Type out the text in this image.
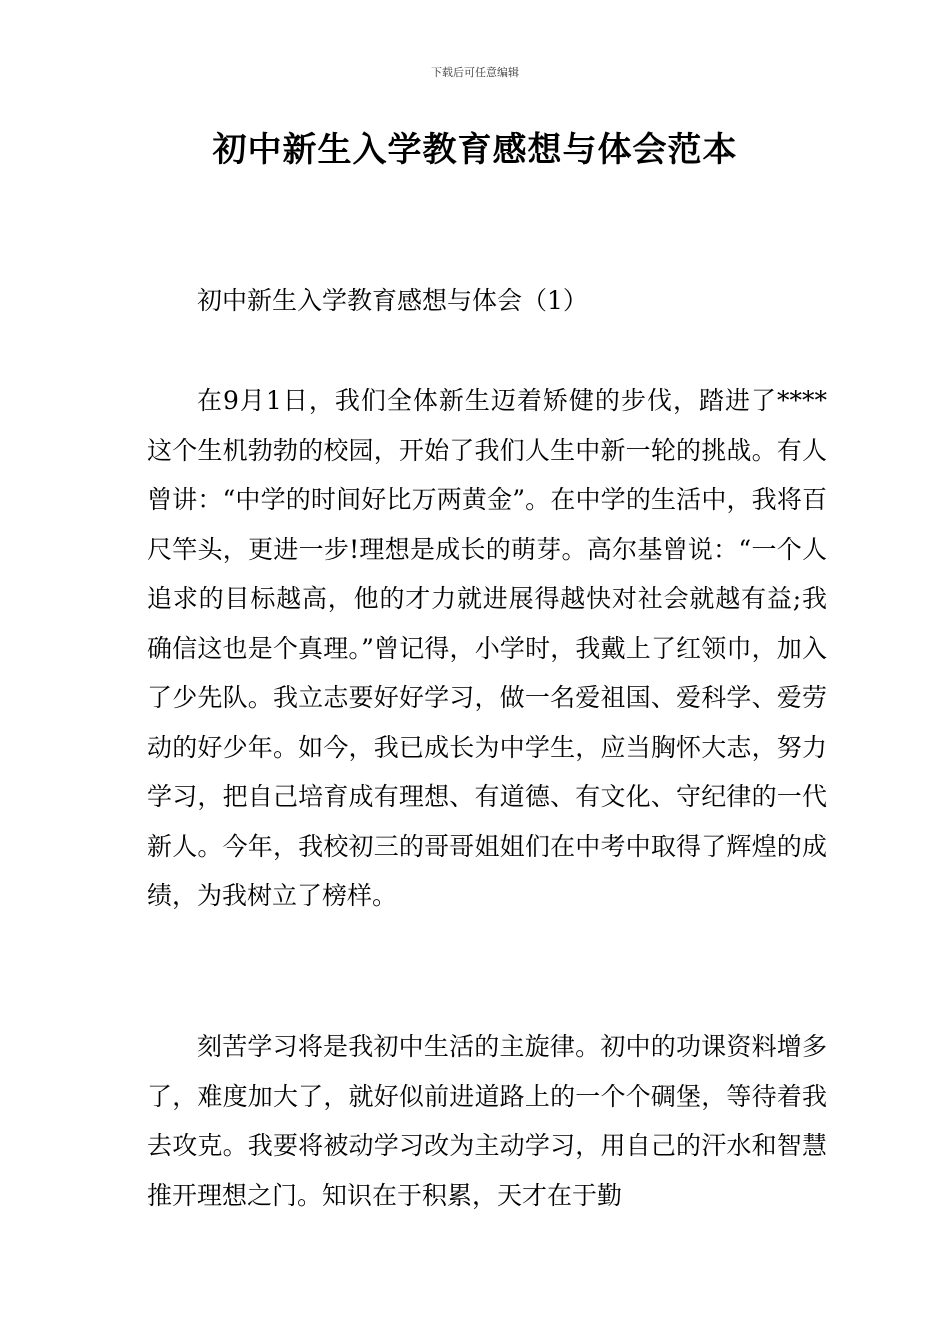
下载后可任意编辑
初中新生入学教育感想与体会范本

初中新生入学教育感想与体会（1）

在9月1日，我们全体新生迈着矫健的步伐，踏进了****这个生机勃勃的校园，开始了我们人生中新一轮的挑战。有人曾讲：“中学的时间好比万两黄金”。在中学的生活中，我将百尺竿头，更进一步!理想是成长的萌芽。高尔基曾说：“一个人追求的目标越高，他的才力就进展得越快对社会就越有益;我确信这也是个真理。”曾记得，小学时，我戴上了红领巾，加入了少先队。我立志要好好学习，做一名爱祖国、爱科学、爱劳动的好少年。如今，我已成长为中学生，应当胸怀大志，努力学习，把自己培育成有理想、有道德、有文化、守纪律的一代新人。今年，我校初三的哥哥姐姐们在中考中取得了辉煌的成绩，为我树立了榜样。

刻苦学习将是我初中生活的主旋律。初中的功课资料增多了，难度加大了，就好似前进道路上的一个个碉堡，等待着我去攻克。我要将被动学习改为主动学习，用自己的汗水和智慧推开理想之门。知识在于积累，天才在于勤
